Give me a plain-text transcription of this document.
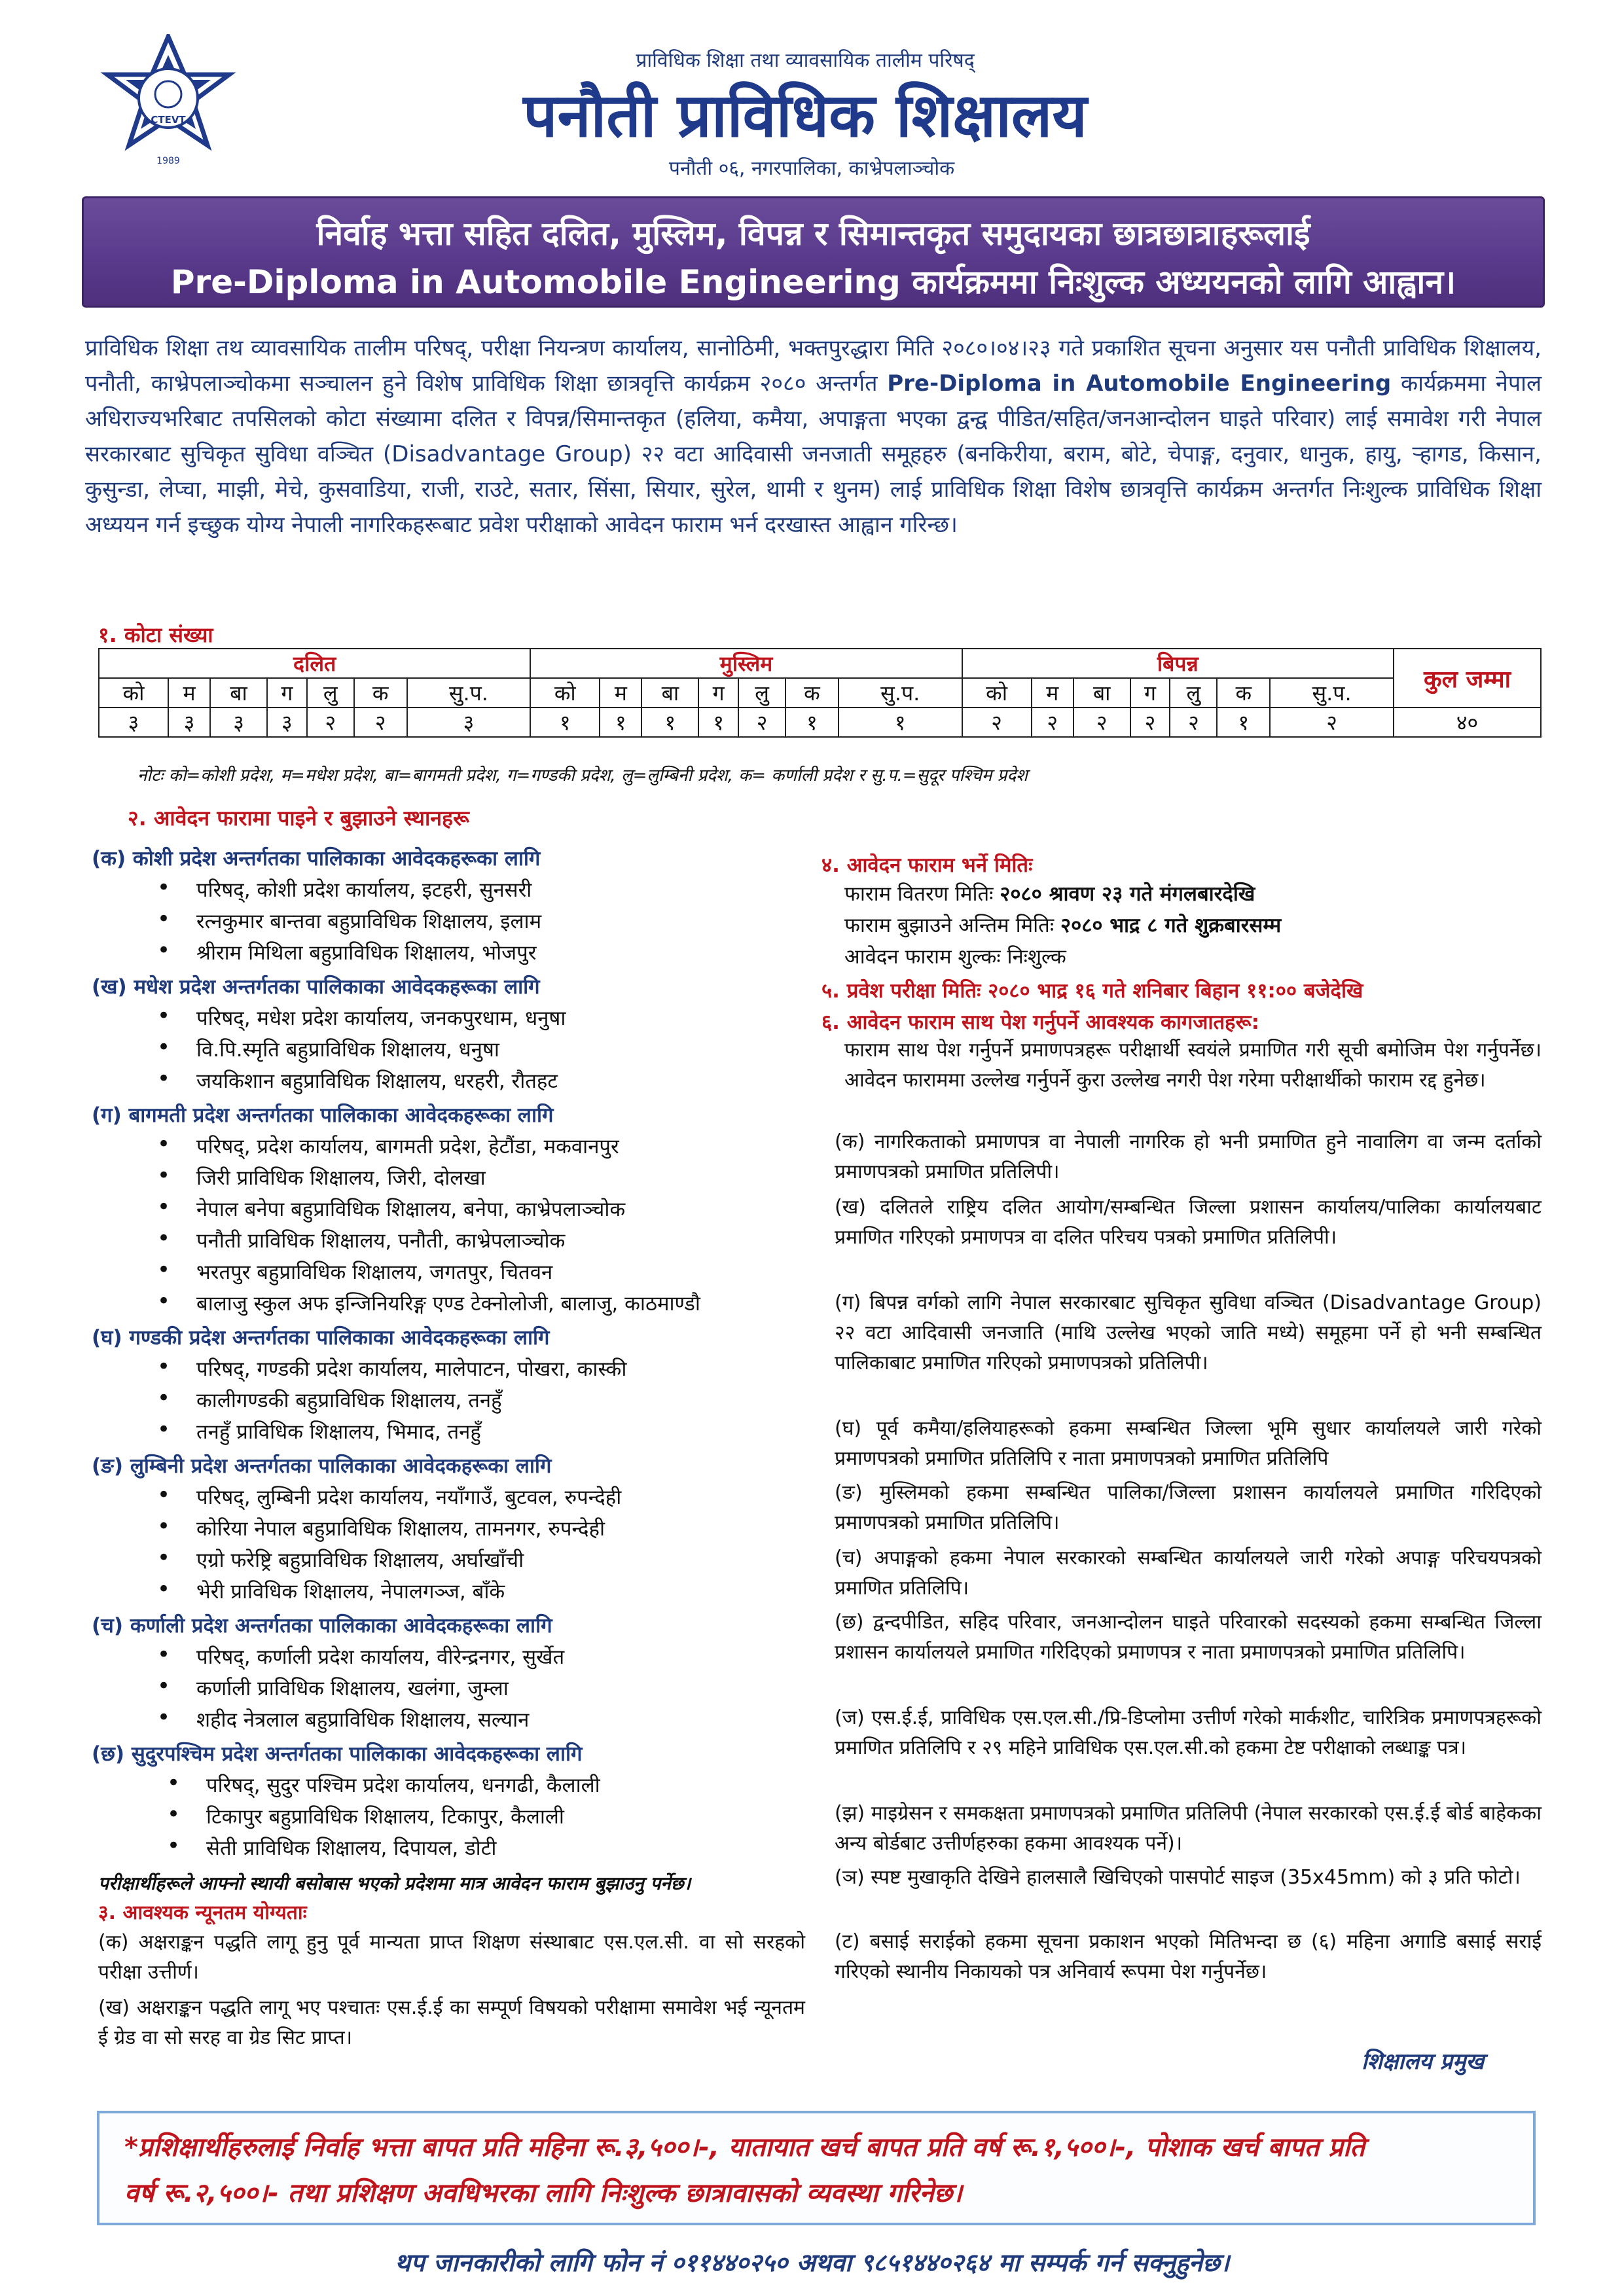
CTEVT
1989
प्राविधिक शिक्षा तथा व्यावसायिक तालीम परिषद्
पनौती प्राविधिक शिक्षालय
पनौती ०६, नगरपालिका, काभ्रेपलाञ्चोक
निर्वाह भत्ता सहित दलित, मुस्लिम, विपन्न र सिमान्तकृत समुदायका छात्रछात्राहरूलाई
Pre-Diploma in Automobile Engineering कार्यक्रममा निःशुल्क अध्ययनको लागि आह्वान।
प्राविधिक शिक्षा तथ व्यावसायिक तालीम परिषद्, परीक्षा नियन्त्रण कार्यालय, सानोठिमी, भक्तपुरद्धारा मिति २०८०।०४।२३ गते प्रकाशित सूचना अनुसार यस पनौती प्राविधिक शिक्षालय, पनौती, काभ्रेपलाञ्चोकमा सञ्चालन हुने विशेष प्राविधिक शिक्षा छात्रवृत्ति कार्यक्रम २०८० अन्तर्गत Pre-Diploma in Automobile Engineering कार्यक्रममा नेपाल अधिराज्यभरिबाट तपसिलको कोटा संख्यामा दलित र विपन्न/सिमान्तकृत (हलिया, कमैया, अपाङ्गता भएका द्वन्द्व पीडित/सहित/जनआन्दोलन घाइते परिवार) लाई समावेश गरी नेपाल सरकारबाट सुचिकृत सुविधा वञ्चित (Disadvantage Group) २२ वटा आदिवासी जनजाती समूहहरु (बनकिरीया, बराम, बोटे, चेपाङ्ग, दनुवार, धानुक, हायु, ऱ्हागड, किसान, कुसुन्डा, लेप्चा, माझी, मेचे, कुसवाडिया, राजी, राउटे, सतार, सिंसा, सियार, सुरेल, थामी र थुनम) लाई प्राविधिक शिक्षा विशेष छात्रवृत्ति कार्यक्रम अन्तर्गत निःशुल्क प्राविधिक शिक्षा अध्ययन गर्न इच्छुक योग्य नेपाली नागरिकहरूबाट प्रवेश परीक्षाको आवेदन फाराम भर्न दरखास्त आह्वान गरिन्छ।
१. कोटा संख्या
दलित							मुस्लिम							बिपन्न							कुल जम्मा
को	म	बा	ग	लु	क	सु.प.	को	म	बा	ग	लु	क	सु.प.	को	म	बा	ग	लु	क	सु.प.	
३	३	३	३	२	२	३	१	१	१	१	२	१	१	२	२	२	२	२	१	२	४०
नोटः को=कोशी प्रदेश, म=मधेश प्रदेश, बा=बागमती प्रदेश, ग=गण्डकी प्रदेश, लु=लुम्बिनी प्रदेश, क= कर्णाली प्रदेश र सु.प.=सुदूर पश्चिम प्रदेश
२. आवेदन फारामा पाइने र बुझाउने स्थानहरू
(क) कोशी प्रदेश अन्तर्गतका पालिकाका आवेदकहरूका लागि
• परिषद्, कोशी प्रदेश कार्यालय, इटहरी, सुनसरी
• रत्नकुमार बान्तवा बहुप्राविधिक शिक्षालय, इलाम
• श्रीराम मिथिला बहुप्राविधिक शिक्षालय, भोजपुर
(ख) मधेश प्रदेश अन्तर्गतका पालिकाका आवेदकहरूका लागि
• परिषद्, मधेश प्रदेश कार्यालय, जनकपुरधाम, धनुषा
• वि.पि.स्मृति बहुप्राविधिक शिक्षालय, धनुषा
• जयकिशान बहुप्राविधिक शिक्षालय, धरहरी, रौतहट
(ग) बागमती प्रदेश अन्तर्गतका पालिकाका आवेदकहरूका लागि
• परिषद्, प्रदेश कार्यालय, बागमती प्रदेश, हेटौंडा, मकवानपुर
• जिरी प्राविधिक शिक्षालय, जिरी, दोलखा
• नेपाल बनेपा बहुप्राविधिक शिक्षालय, बनेपा, काभ्रेपलाञ्चोक
• पनौती प्राविधिक शिक्षालय, पनौती, काभ्रेपलाञ्चोक
• भरतपुर बहुप्राविधिक शिक्षालय, जगतपुर, चितवन
• बालाजु स्कुल अफ इन्जिनियरिङ्ग एण्ड टेक्नोलोजी, बालाजु, काठमाण्डौ
(घ) गण्डकी प्रदेश अन्तर्गतका पालिकाका आवेदकहरूका लागि
• परिषद्, गण्डकी प्रदेश कार्यालय, मालेपाटन, पोखरा, कास्की
• कालीगण्डकी बहुप्राविधिक शिक्षालय, तनहुँ
• तनहुँ प्राविधिक शिक्षालय, भिमाद, तनहुँ
(ङ) लुम्बिनी प्रदेश अन्तर्गतका पालिकाका आवेदकहरूका लागि
• परिषद्, लुम्बिनी प्रदेश कार्यालय, नयाँगाउँ, बुटवल, रुपन्देही
• कोरिया नेपाल बहुप्राविधिक शिक्षालय, तामनगर, रुपन्देही
• एग्रो फरेष्ट्रि बहुप्राविधिक शिक्षालय, अर्घाखाँची
• भेरी प्राविधिक शिक्षालय, नेपालगञ्ज, बाँके
(च) कर्णाली प्रदेश अन्तर्गतका पालिकाका आवेदकहरूका लागि
• परिषद्, कर्णाली प्रदेश कार्यालय, वीरेन्द्रनगर, सुर्खेत
• कर्णाली प्राविधिक शिक्षालय, खलंगा, जुम्ला
• शहीद नेत्रलाल बहुप्राविधिक शिक्षालय, सल्यान
(छ) सुदुरपश्चिम प्रदेश अन्तर्गतका पालिकाका आवेदकहरूका लागि
• परिषद्, सुदुर पश्चिम प्रदेश कार्यालय, धनगढी, कैलाली
• टिकापुर बहुप्राविधिक शिक्षालय, टिकापुर, कैलाली
• सेती प्राविधिक शिक्षालय, दिपायल, डोटी
परीक्षार्थीहरूले आफ्नो स्थायी बसोबास भएको प्रदेशमा मात्र आवेदन फाराम बुझाउनु पर्नेछ।
३. आवश्यक न्यूनतम योग्यताः
(क) अक्षराङ्कन पद्धति लागू हुनु पूर्व मान्यता प्राप्त शिक्षण संस्थाबाट एस.एल.सी. वा सो सरहको परीक्षा उत्तीर्ण।
(ख) अक्षराङ्कन पद्धति लागू भए पश्चातः एस.ई.ई का सम्पूर्ण विषयको परीक्षामा समावेश भई न्यूनतम ई ग्रेड वा सो सरह वा ग्रेड सिट प्राप्त।
४. आवेदन फाराम भर्ने मितिः
फाराम वितरण मितिः २०८० श्रावण २३ गते मंगलबारदेखि
फाराम बुझाउने अन्तिम मितिः २०८० भाद्र ८ गते शुक्रबारसम्म
आवेदन फाराम शुल्कः निःशुल्क
५. प्रवेश परीक्षा मितिः २०८० भाद्र १६ गते शनिबार बिहान ११:०० बजेदेखि
६. आवेदन फाराम साथ पेश गर्नुपर्ने आवश्यक कागजातहरू:
फाराम साथ पेश गर्नुपर्ने प्रमाणपत्रहरू परीक्षार्थी स्वयंले प्रमाणित गरी सूची बमोजिम पेश गर्नुपर्नेछ। आवेदन फाराममा उल्लेख गर्नुपर्ने कुरा उल्लेख नगरी पेश गरेमा परीक्षार्थीको फाराम रद्द हुनेछ।
(क) नागरिकताको प्रमाणपत्र वा नेपाली नागरिक हो भनी प्रमाणित हुने नावालिग वा जन्म दर्ताको प्रमाणपत्रको प्रमाणित प्रतिलिपी।
(ख) दलितले राष्ट्रिय दलित आयोग/सम्बन्धित जिल्ला प्रशासन कार्यालय/पालिका कार्यालयबाट प्रमाणित गरिएको प्रमाणपत्र वा दलित परिचय पत्रको प्रमाणित प्रतिलिपी।
(ग) बिपन्न वर्गको लागि नेपाल सरकारबाट सुचिकृत सुविधा वञ्चित (Disadvantage Group) २२ वटा आदिवासी जनजाति (माथि उल्लेख भएको जाति मध्ये) समूहमा पर्ने हो भनी सम्बन्धित पालिकाबाट प्रमाणित गरिएको प्रमाणपत्रको प्रतिलिपी।
(घ) पूर्व कमैया/हलियाहरूको हकमा सम्बन्धित जिल्ला भूमि सुधार कार्यालयले जारी गरेको प्रमाणपत्रको प्रमाणित प्रतिलिपि र नाता प्रमाणपत्रको प्रमाणित प्रतिलिपि
(ङ) मुस्लिमको हकमा सम्बन्धित पालिका/जिल्ला प्रशासन कार्यालयले प्रमाणित गरिदिएको प्रमाणपत्रको प्रमाणित प्रतिलिपि।
(च) अपाङ्गको हकमा नेपाल सरकारको सम्बन्धित कार्यालयले जारी गरेको अपाङ्ग परिचयपत्रको प्रमाणित प्रतिलिपि।
(छ) द्वन्दपीडित, सहिद परिवार, जनआन्दोलन घाइते परिवारको सदस्यको हकमा सम्बन्धित जिल्ला प्रशासन कार्यालयले प्रमाणित गरिदिएको प्रमाणपत्र र नाता प्रमाणपत्रको प्रमाणित प्रतिलिपि।
(ज) एस.ई.ई, प्राविधिक एस.एल.सी./प्रि-डिप्लोमा उत्तीर्ण गरेको मार्कशीट, चारित्रिक प्रमाणपत्रहरूको प्रमाणित प्रतिलिपि र २९ महिने प्राविधिक एस.एल.सी.को हकमा टेष्ट परीक्षाको लब्धाङ्क पत्र।
(झ) माइग्रेसन र समकक्षता प्रमाणपत्रको प्रमाणित प्रतिलिपी (नेपाल सरकारको एस.ई.ई बोर्ड बाहेकका अन्य बोर्डबाट उत्तीर्णहरुका हकमा आवश्यक पर्ने)।
(ञ) स्पष्ट मुखाकृति देखिने हालसालै खिचिएको पासपोर्ट साइज (35x45mm) को ३ प्रति फोटो।
(ट) बसाई सराईको हकमा सूचना प्रकाशन भएको मितिभन्दा छ (६) महिना अगाडि बसाई सराई गरिएको स्थानीय निकायको पत्र अनिवार्य रूपमा पेश गर्नुपर्नेछ।
शिक्षालय प्रमुख
*प्रशिक्षार्थीहरुलाई निर्वाह भत्ता बापत प्रति महिना रू.३,५००।-, यातायात खर्च बापत प्रति वर्ष रू.१,५००।-, पोशाक खर्च बापत प्रति
वर्ष रू.२,५००।- तथा प्रशिक्षण अवधिभरका लागि निःशुल्क छात्रावासको व्यवस्था गरिनेछ।
थप जानकारीको लागि फोन नं ०११४४०२५० अथवा ९८५१४४०२६४ मा सम्पर्क गर्न सक्नुहुनेछ।
